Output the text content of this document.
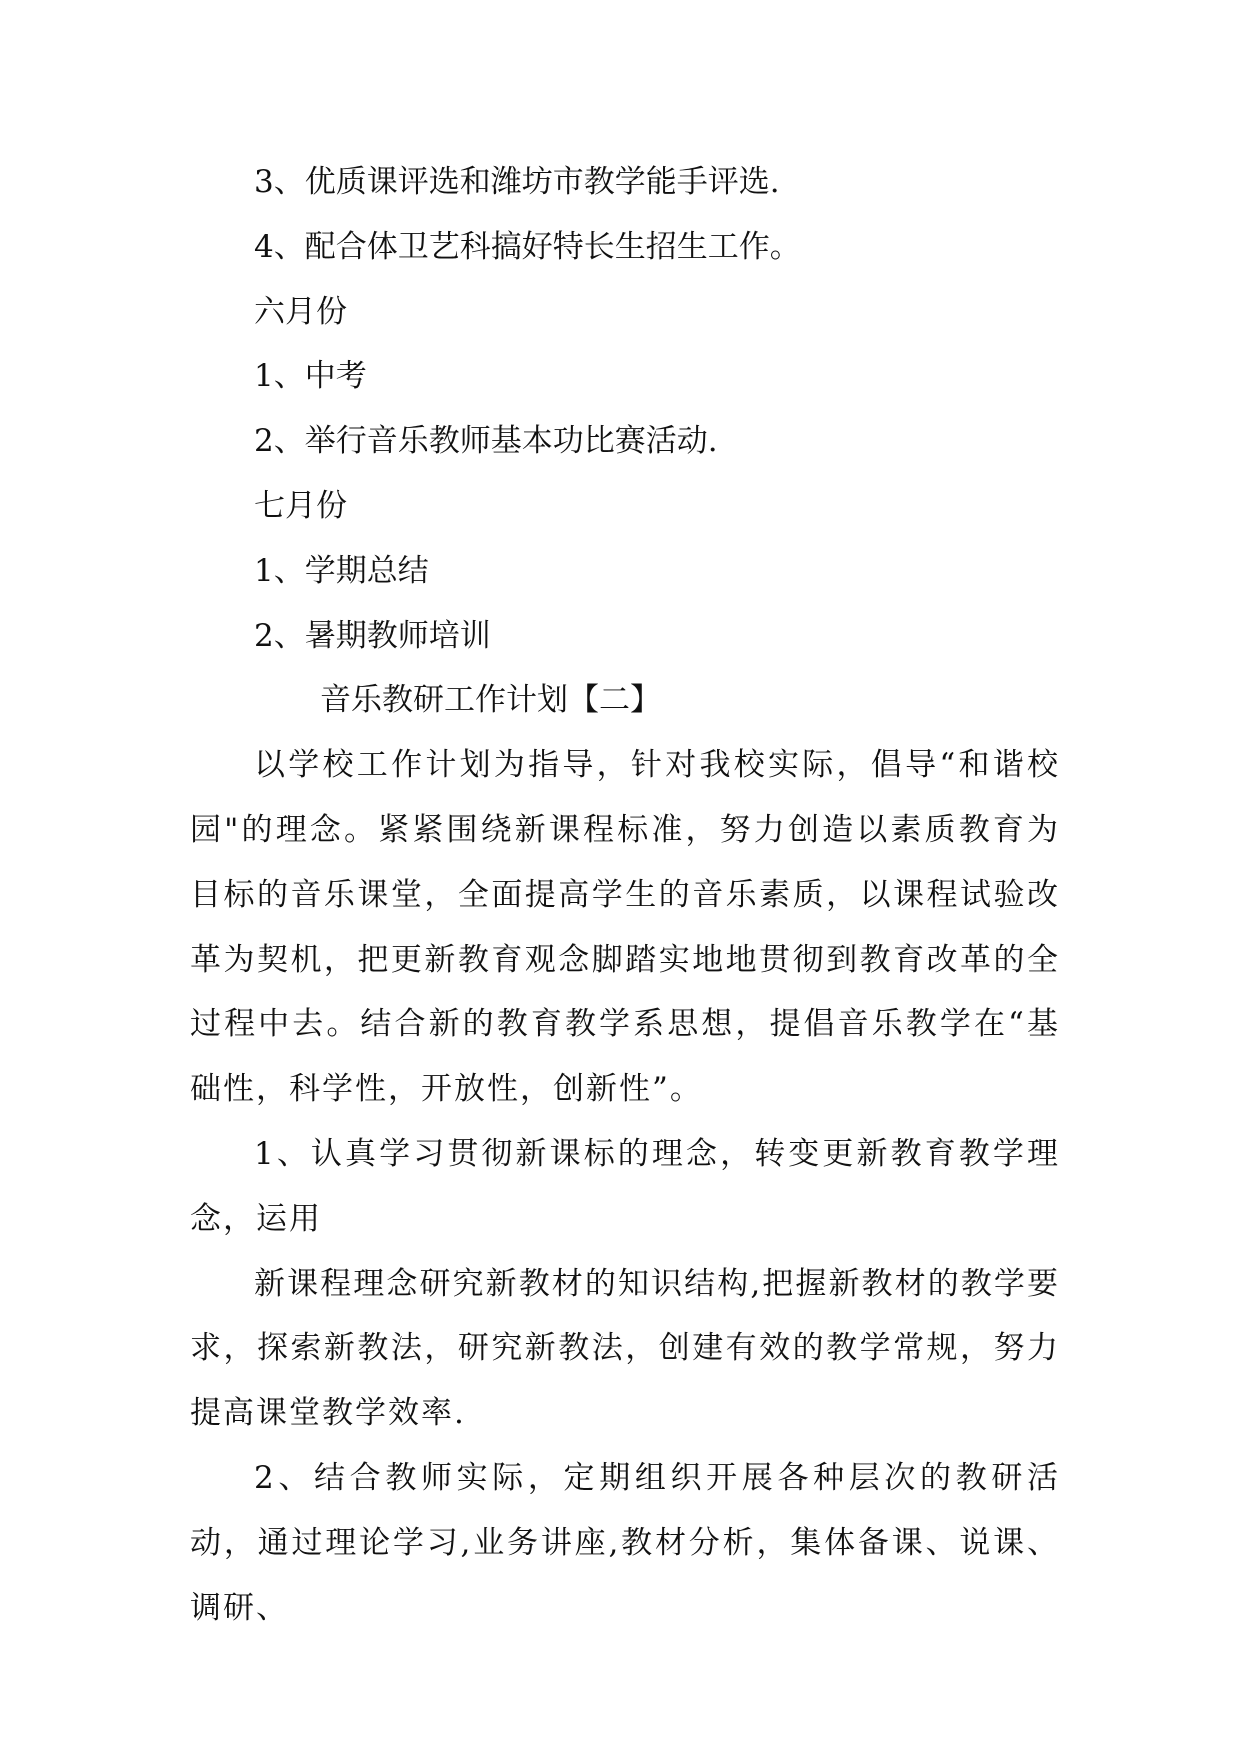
3、优质课评选和潍坊市教学能手评选.

4、配合体卫艺科搞好特长生招生工作。

六月份

1、中考

2、举行音乐教师基本功比赛活动.

七月份

1、学期总结

2、暑期教师培训

音乐教研工作计划【二】

以学校工作计划为指导，针对我校实际，倡导“和谐校园"的理念。紧紧围绕新课程标准，努力创造以素质教育为目标的音乐课堂，全面提高学生的音乐素质，以课程试验改革为契机，把更新教育观念脚踏实地地贯彻到教育改革的全过程中去。结合新的教育教学系思想，提倡音乐教学在“基础性，科学性，开放性，创新性”。

1、认真学习贯彻新课标的理念，转变更新教育教学理念，运用

新课程理念研究新教材的知识结构,把握新教材的教学要求，探索新教法，研究新教法，创建有效的教学常规，努力提高课堂教学效率.

2、结合教师实际，定期组织开展各种层次的教研活动，通过理论学习,业务讲座,教材分析，集体备课、说课、调研、
